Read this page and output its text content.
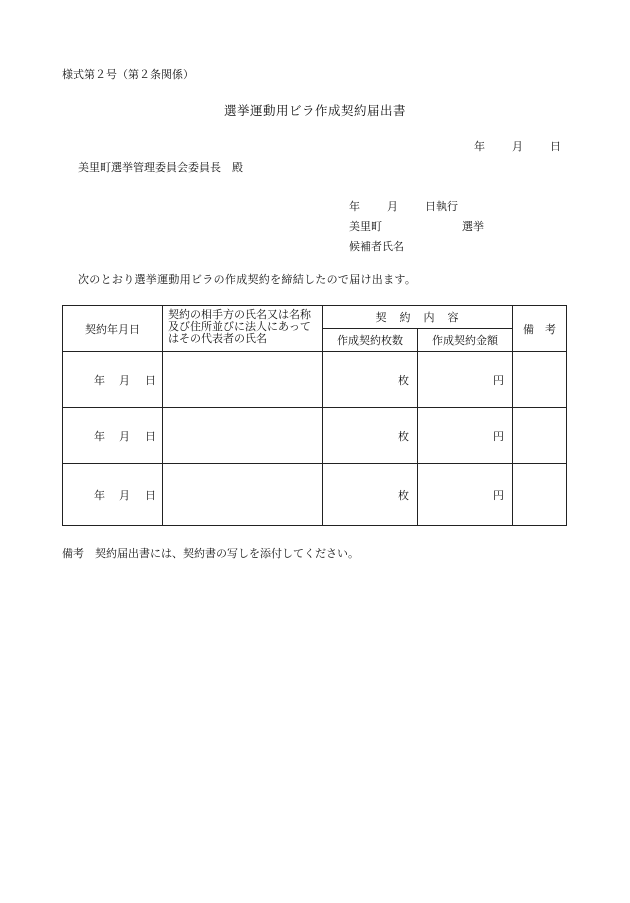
様式第２号（第２条関係）
選挙運動用ビラ作成契約届出書
年 月 日
美里町選挙管理委員会委員長　殿
年 月 日執行
美里町	選挙
候補者氏名
次のとおり選挙運動用ビラの作成契約を締結したので届け出ます。
契約年月日	契約の相手方の氏名又は名称及び住所並びに法人にあってはその代表者の氏名	契　約　内　容		備　考
		作成契約枚数	作成契約金額	

年 月 日		枚	円	

年 月 日		枚	円	

年 月 日		枚	円	
備考　契約届出書には、契約書の写しを添付してください。
